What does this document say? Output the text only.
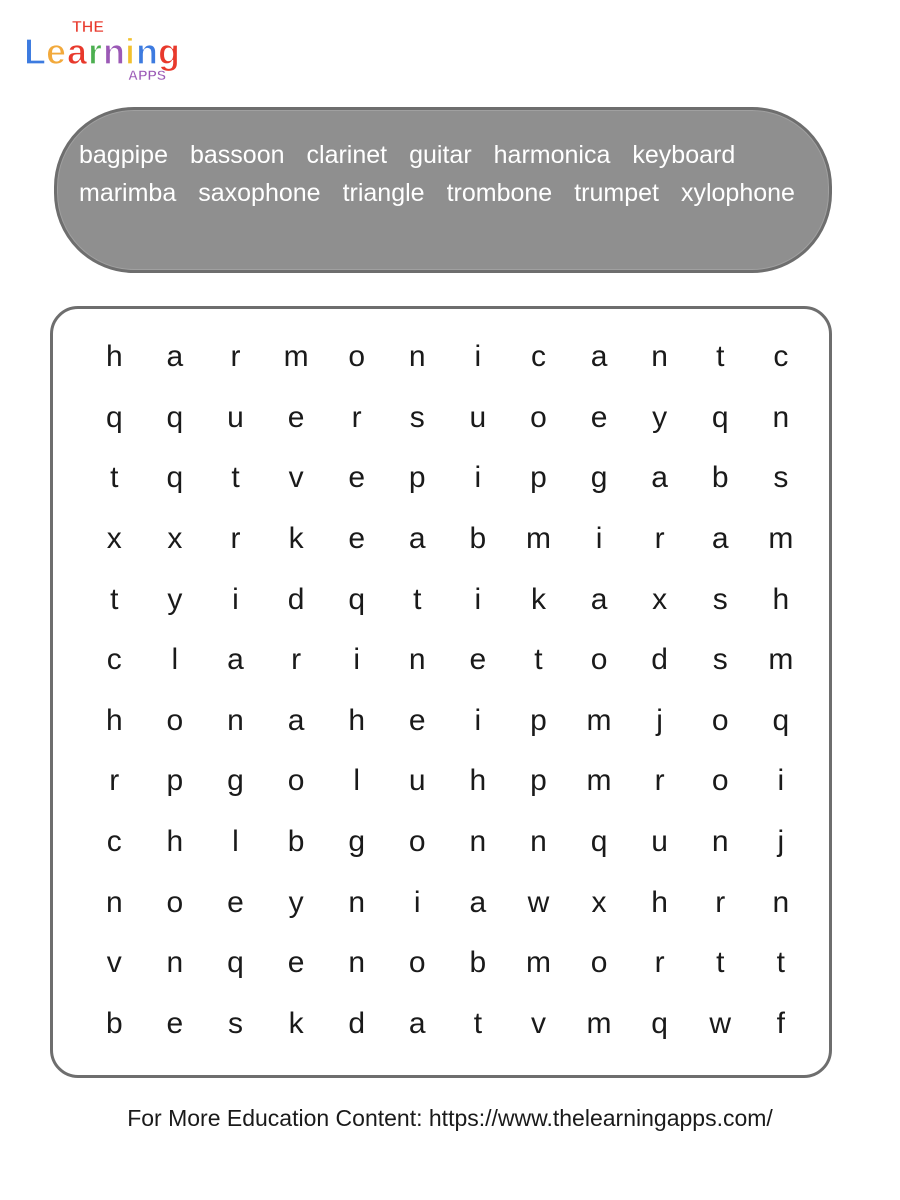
THE
L e a r n i n g
APPS
bagpipe bassoon clarinet guitar harmonica keyboard
marimba saxophone triangle trombone trumpet xylophone
h	a	r	m	o	n	i	c	a	n	t	c
q	q	u	e	r	s	u	o	e	y	q	n
t	q	t	v	e	p	i	p	g	a	b	s
x	x	r	k	e	a	b	m	i	r	a	m
t	y	i	d	q	t	i	k	a	x	s	h
c	l	a	r	i	n	e	t	o	d	s	m
h	o	n	a	h	e	i	p	m	j	o	q
r	p	g	o	l	u	h	p	m	r	o	i
c	h	l	b	g	o	n	n	q	u	n	j
n	o	e	y	n	i	a	w	x	h	r	n
v	n	q	e	n	o	b	m	o	r	t	t
b	e	s	k	d	a	t	v	m	q	w	f
For More Education Content: https://www.thelearningapps.com/
